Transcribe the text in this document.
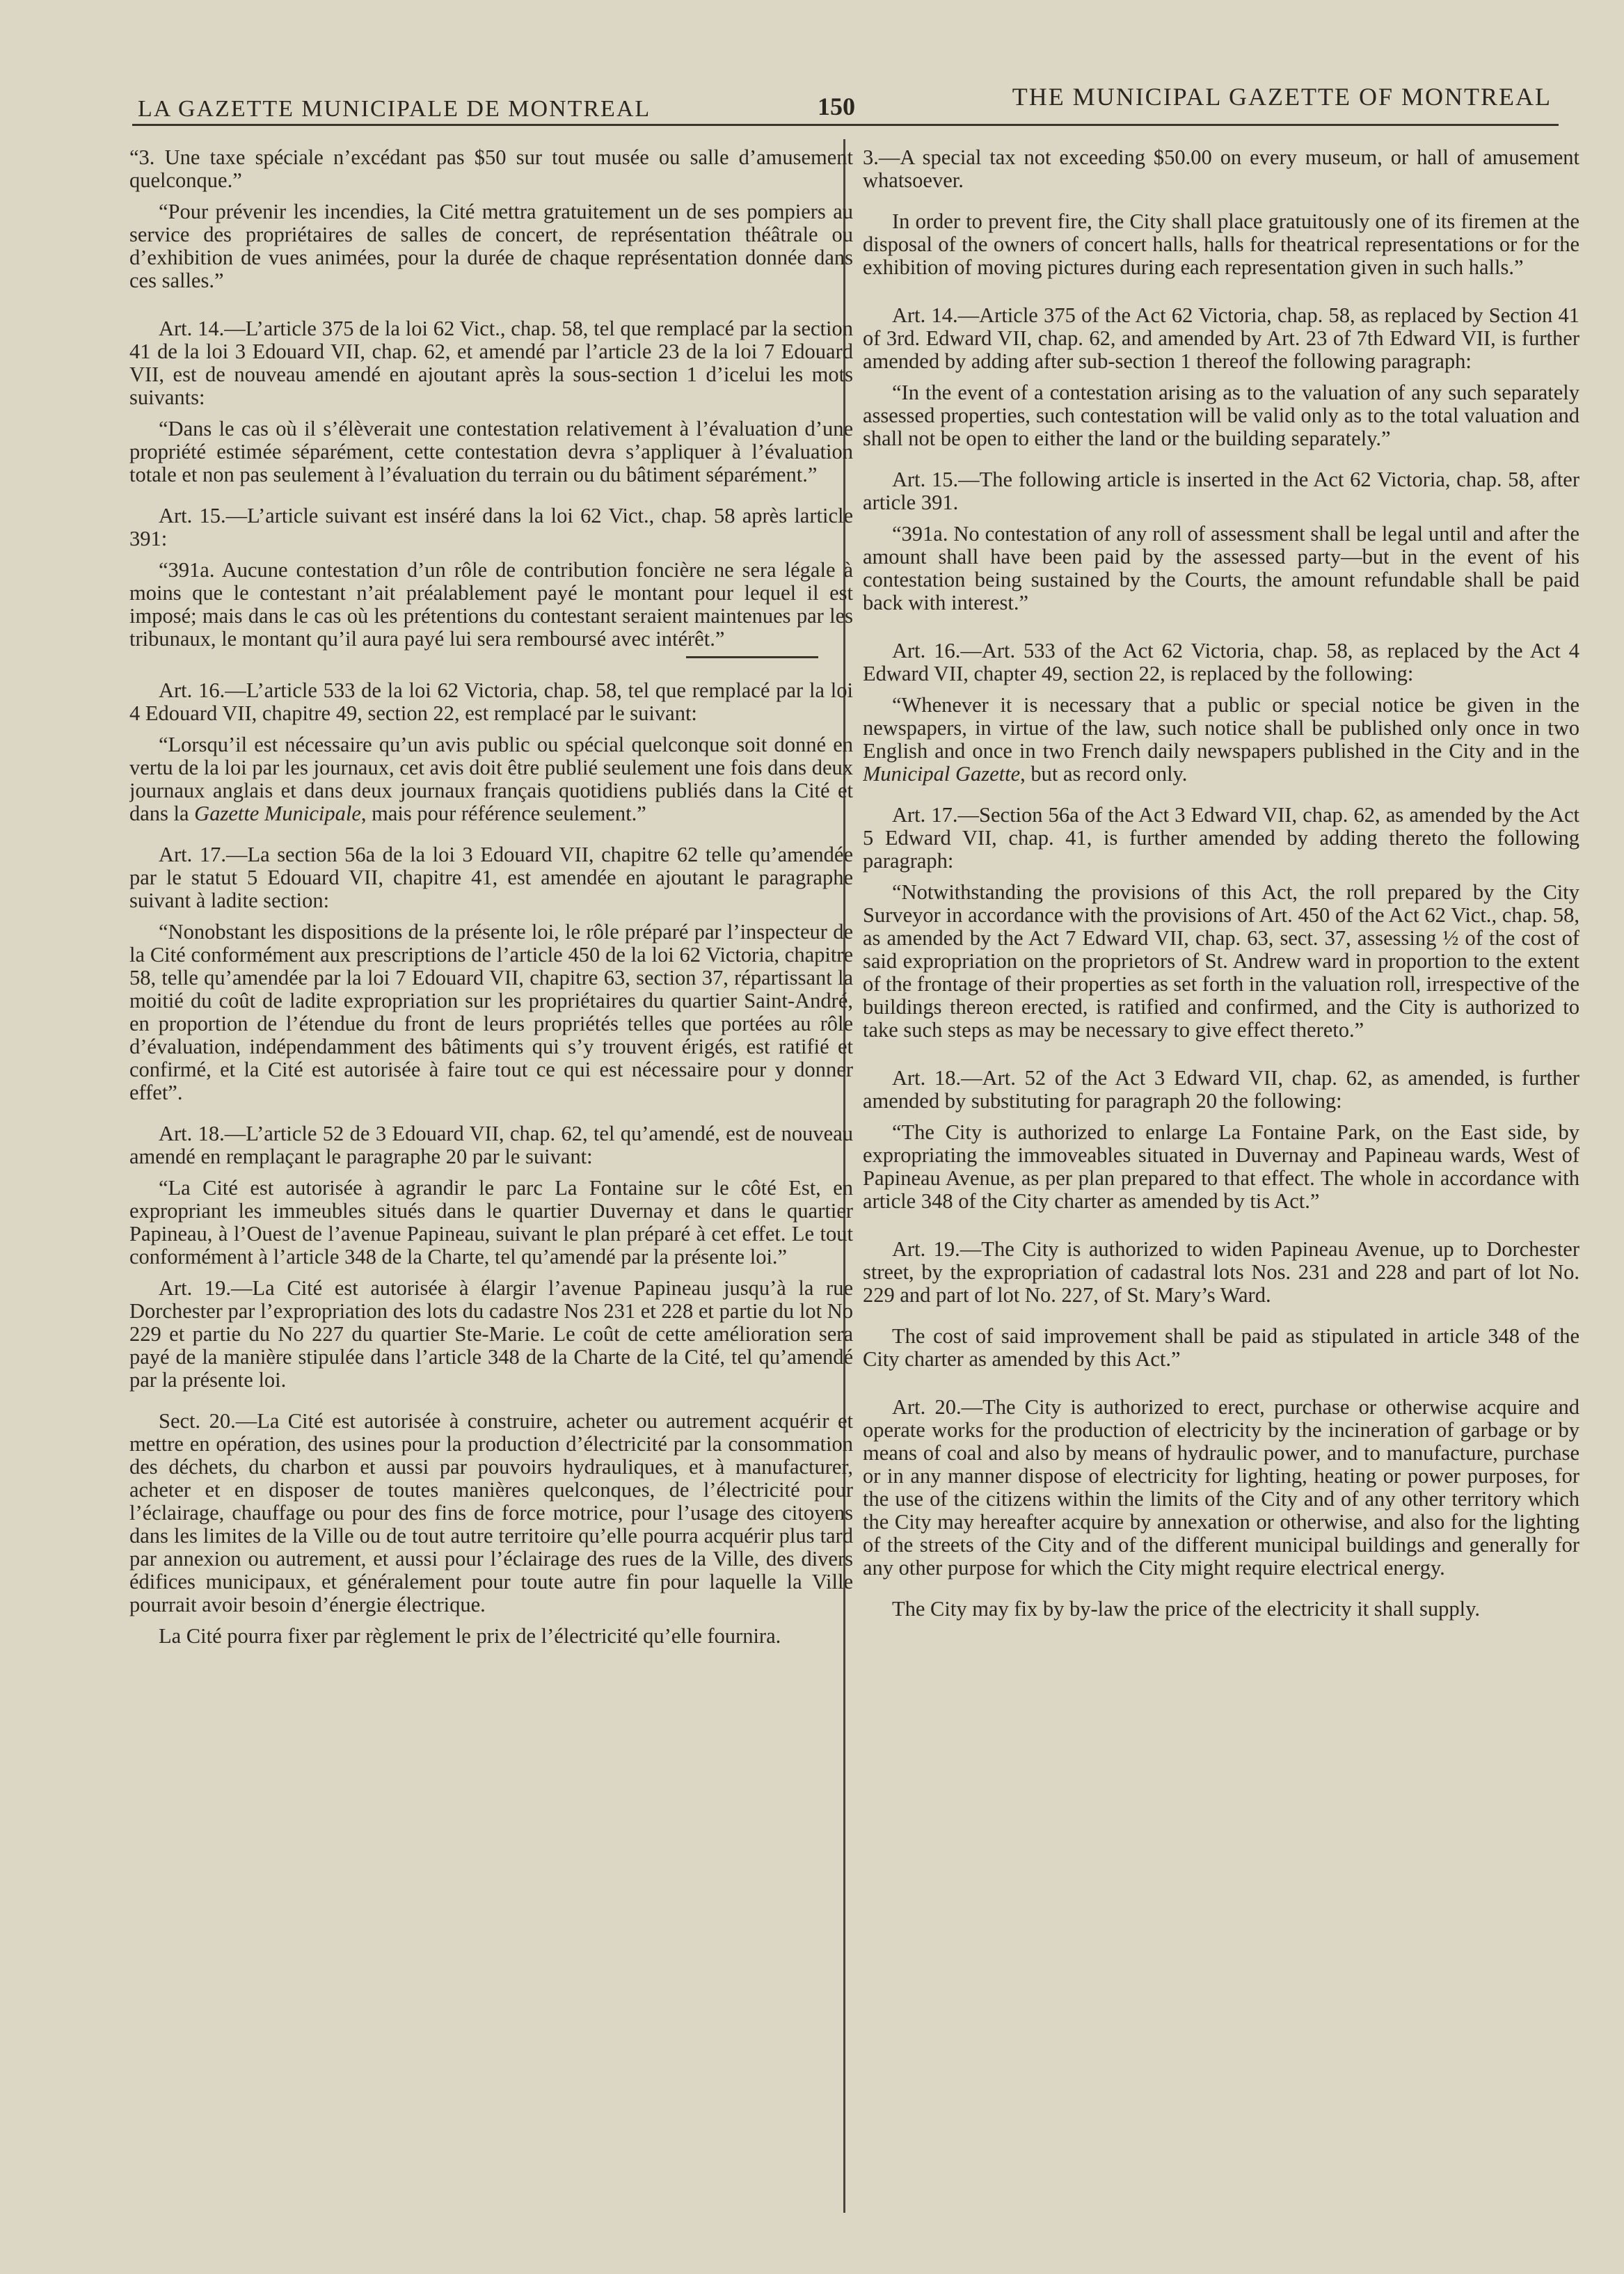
LA GAZETTE MUNICIPALE DE MONTREAL	150	THE MUNICIPAL GAZETTE OF MONTREAL

“3. Une taxe spéciale n’excédant pas $50 sur tout musée ou salle d’amusement quelconque.”

“Pour prévenir les incendies, la Cité mettra gratuitement un de ses pompiers au service des propriétaires de salles de concert, de représentation théâtrale ou d’exhibition de vues animées, pour la durée de chaque représentation donnée dans ces salles.”

Art. 14.—L’article 375 de la loi 62 Vict., chap. 58, tel que remplacé par la section 41 de la loi 3 Edouard VII, chap. 62, et amendé par l’article 23 de la loi 7 Edouard VII, est de nouveau amendé en ajoutant après la sous-section 1 d’icelui les mots suivants:

“Dans le cas où il s’élèverait une contestation relativement à l’évaluation d’une propriété estimée séparément, cette contestation devra s’appliquer à l’évaluation totale et non pas seulement à l’évaluation du terrain ou du bâtiment séparément.”

Art. 15.—L’article suivant est inséré dans la loi 62 Vict., chap. 58 après larticle 391:

“391a. Aucune contestation d’un rôle de contribution foncière ne sera légale à moins que le contestant n’ait préalablement payé le montant pour lequel il est imposé; mais dans le cas où les prétentions du contestant seraient maintenues par les tribunaux, le montant qu’il aura payé lui sera remboursé avec intérêt.”

Art. 16.—L’article 533 de la loi 62 Victoria, chap. 58, tel que remplacé par la loi 4 Edouard VII, chapitre 49, section 22, est remplacé par le suivant:

“Lorsqu’il est nécessaire qu’un avis public ou spécial quelconque soit donné en vertu de la loi par les journaux, cet avis doit être publié seulement une fois dans deux journaux anglais et dans deux journaux français quotidiens publiés dans la Cité et dans la Gazette Municipale, mais pour référence seulement.”

Art. 17.—La section 56a de la loi 3 Edouard VII, chapitre 62 telle qu’amendée par le statut 5 Edouard VII, chapitre 41, est amendée en ajoutant le paragraphe suivant à ladite section:

“Nonobstant les dispositions de la présente loi, le rôle préparé par l’inspecteur de la Cité conformément aux prescriptions de l’article 450 de la loi 62 Victoria, chapitre 58, telle qu’amendée par la loi 7 Edouard VII, chapitre 63, section 37, répartissant la moitié du coût de ladite expropriation sur les propriétaires du quartier Saint-André, en proportion de l’étendue du front de leurs propriétés telles que portées au rôle d’évaluation, indépendamment des bâtiments qui s’y trouvent érigés, est ratifié et confirmé, et la Cité est autorisée à faire tout ce qui est nécessaire pour y donner effet”.

Art. 18.—L’article 52 de 3 Edouard VII, chap. 62, tel qu’amendé, est de nouveau amendé en remplaçant le paragraphe 20 par le suivant:

“La Cité est autorisée à agrandir le parc La Fontaine sur le côté Est, en expropriant les immeubles situés dans le quartier Duvernay et dans le quartier Papineau, à l’Ouest de l’avenue Papineau, suivant le plan préparé à cet effet. Le tout conformément à l’article 348 de la Charte, tel qu’amendé par la présente loi.”

Art. 19.—La Cité est autorisée à élargir l’avenue Papineau jusqu’à la rue Dorchester par l’expropriation des lots du cadastre Nos 231 et 228 et partie du lot No 229 et partie du No 227 du quartier Ste-Marie. Le coût de cette amélioration sera payé de la manière stipulée dans l’article 348 de la Charte de la Cité, tel qu’amendé par la présente loi.

Sect. 20.—La Cité est autorisée à construire, acheter ou autrement acquérir et mettre en opération, des usines pour la production d’électricité par la consommation des déchets, du charbon et aussi par pouvoirs hydrauliques, et à manufacturer, acheter et en disposer de toutes manières quelconques, de l’électricité pour l’éclairage, chauffage ou pour des fins de force motrice, pour l’usage des citoyens dans les limites de la Ville ou de tout autre territoire qu’elle pourra acquérir plus tard par annexion ou autrement, et aussi pour l’éclairage des rues de la Ville, des divers édifices municipaux, et généralement pour toute autre fin pour laquelle la Ville pourrait avoir besoin d’énergie électrique.

La Cité pourra fixer par règlement le prix de l’électricité qu’elle fournira.

3.—A special tax not exceeding $50.00 on every museum, or hall of amusement whatsoever.

In order to prevent fire, the City shall place gratuitously one of its firemen at the disposal of the owners of concert halls, halls for theatrical representations or for the exhibition of moving pictures during each representation given in such halls.”

Art. 14.—Article 375 of the Act 62 Victoria, chap. 58, as replaced by Section 41 of 3rd. Edward VII, chap. 62, and amended by Art. 23 of 7th Edward VII, is further amended by adding after sub-section 1 thereof the following paragraph:

“In the event of a contestation arising as to the valuation of any such separately assessed properties, such contestation will be valid only as to the total valuation and shall not be open to either the land or the building separately.”

Art. 15.—The following article is inserted in the Act 62 Victoria, chap. 58, after article 391.

“391a. No contestation of any roll of assessment shall be legal until and after the amount shall have been paid by the assessed party—but in the event of his contestation being sustained by the Courts, the amount refundable shall be paid back with interest.”

Art. 16.—Art. 533 of the Act 62 Victoria, chap. 58, as replaced by the Act 4 Edward VII, chapter 49, section 22, is replaced by the following:

“Whenever it is necessary that a public or special notice be given in the newspapers, in virtue of the law, such notice shall be published only once in two English and once in two French daily newspapers published in the City and in the Municipal Gazette, but as record only.

Art. 17.—Section 56a of the Act 3 Edward VII, chap. 62, as amended by the Act 5 Edward VII, chap. 41, is further amended by adding thereto the following paragraph:

“Notwithstanding the provisions of this Act, the roll prepared by the City Surveyor in accordance with the provisions of Art. 450 of the Act 62 Vict., chap. 58, as amended by the Act 7 Edward VII, chap. 63, sect. 37, assessing ½ of the cost of said expropriation on the proprietors of St. Andrew ward in proportion to the extent of the frontage of their properties as set forth in the valuation roll, irrespective of the buildings thereon erected, is ratified and confirmed, and the City is authorized to take such steps as may be necessary to give effect thereto.”

Art. 18.—Art. 52 of the Act 3 Edward VII, chap. 62, as amended, is further amended by substituting for paragraph 20 the following:

“The City is authorized to enlarge La Fontaine Park, on the East side, by expropriating the immoveables situated in Duvernay and Papineau wards, West of Papineau Avenue, as per plan prepared to that effect. The whole in accordance with article 348 of the City charter as amended by tis Act.”

Art. 19.—The City is authorized to widen Papineau Avenue, up to Dorchester street, by the expropriation of cadastral lots Nos. 231 and 228 and part of lot No. 229 and part of lot No. 227, of St. Mary’s Ward.

The cost of said improvement shall be paid as stipulated in article 348 of the City charter as amended by this Act.”

Art. 20.—The City is authorized to erect, purchase or otherwise acquire and operate works for the production of electricity by the incineration of garbage or by means of coal and also by means of hydraulic power, and to manufacture, purchase or in any manner dispose of electricity for lighting, heating or power purposes, for the use of the citizens within the limits of the City and of any other territory which the City may hereafter acquire by annexation or otherwise, and also for the lighting of the streets of the City and of the different municipal buildings and generally for any other purpose for which the City might require electrical energy.

The City may fix by by-law the price of the electricity it shall supply.
